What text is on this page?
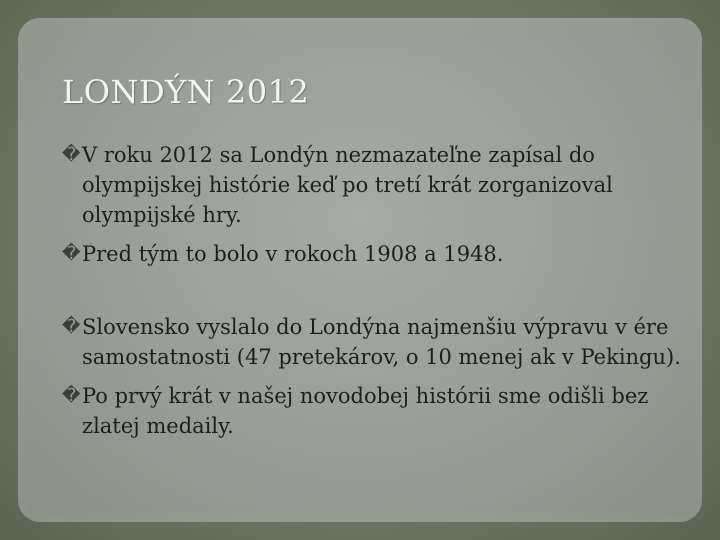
LONDÝN 2012
� V roku 2012 sa Londýn nezmazateľne zapísal do olympijskej histórie keď po tretí krát zorganizoval olympijské hry.
� Pred tým to bolo v rokoch 1908 a 1948.
� Slovensko vyslalo do Londýna najmenšiu výpravu v ére samostatnosti (47 pretekárov, o 10 menej ak v Pekingu).
� Po prvý krát v našej novodobej histórii sme odišli bez zlatej medaily.
